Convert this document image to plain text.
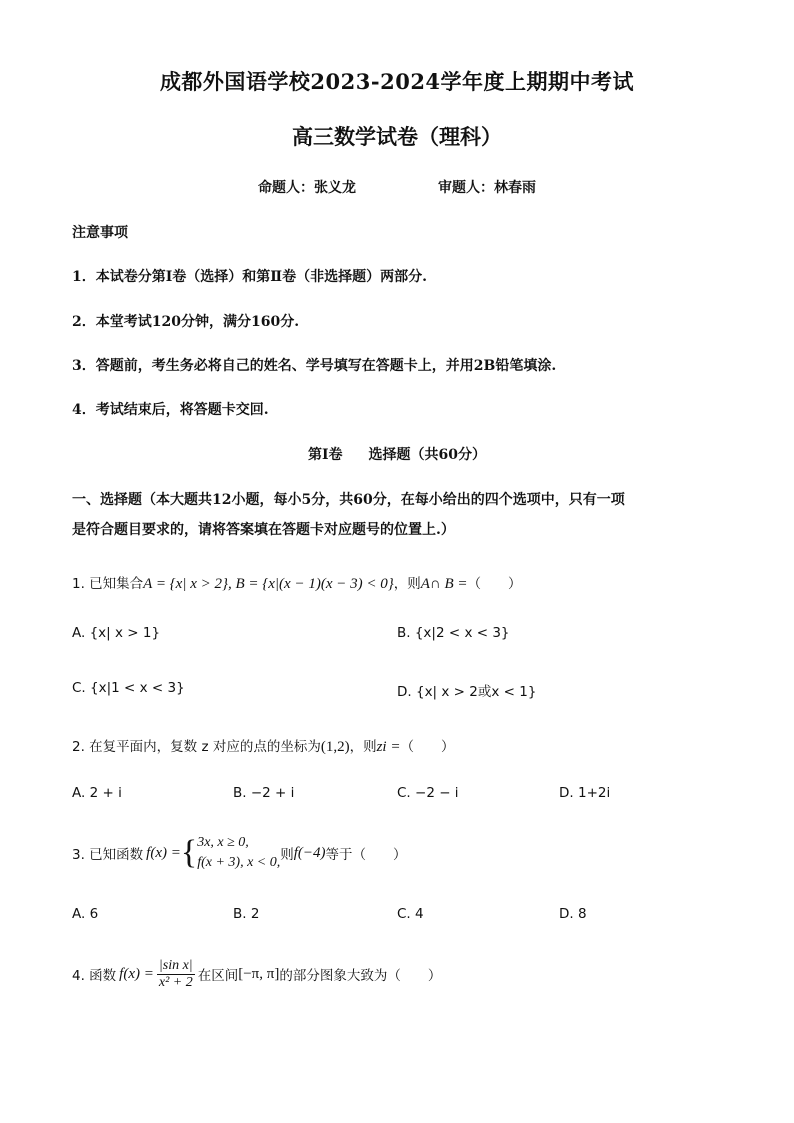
成都外国语学校2023-2024学年度上期期中考试
高三数学试卷（理科）
命题人：张义龙	审题人：林春雨
注意事项
1．本试卷分第Ⅰ卷（选择）和第Ⅱ卷（非选择题）两部分.
2．本堂考试120分钟，满分160分.
3．答题前，考生务必将自己的姓名、学号填写在答题卡上，并用2B铅笔填涂.
4．考试结束后，将答题卡交回.
第Ⅰ卷 选择题（共60分）
一、选择题（本大题共12小题，每小5分，共60分，在每小给出的四个选项中，只有一项
是符合题目要求的，请将答案填在答题卡对应题号的位置上.）
1. 已知集合A = {x| x > 2}, B = {x|(x − 1)(x − 3) < 0}，则A∩ B =（　　）
A. {x| x > 1}	B. {x|2 < x < 3}
C. {x|1 < x < 3}	D. {x| x > 2或x < 1}
2. 在复平面内，复数 z 对应的点的坐标为(1,2)，则zi =（　　）
A. 2 + i	B. −2 + i	C. −2 − i	D. 1+2i
3. 已知函数 f(x) = { 3x, x ≥ 0,
f(x + 3), x < 0, 则 f(−4) 等于（　　）
A. 6	B. 2	C. 4	D. 8
4. 函数 $f(x) = \frac{\text{|sin x|}}{\text{x² + 2}}$ 在区间 [−π, π] 的部分图象大致为（　　）
